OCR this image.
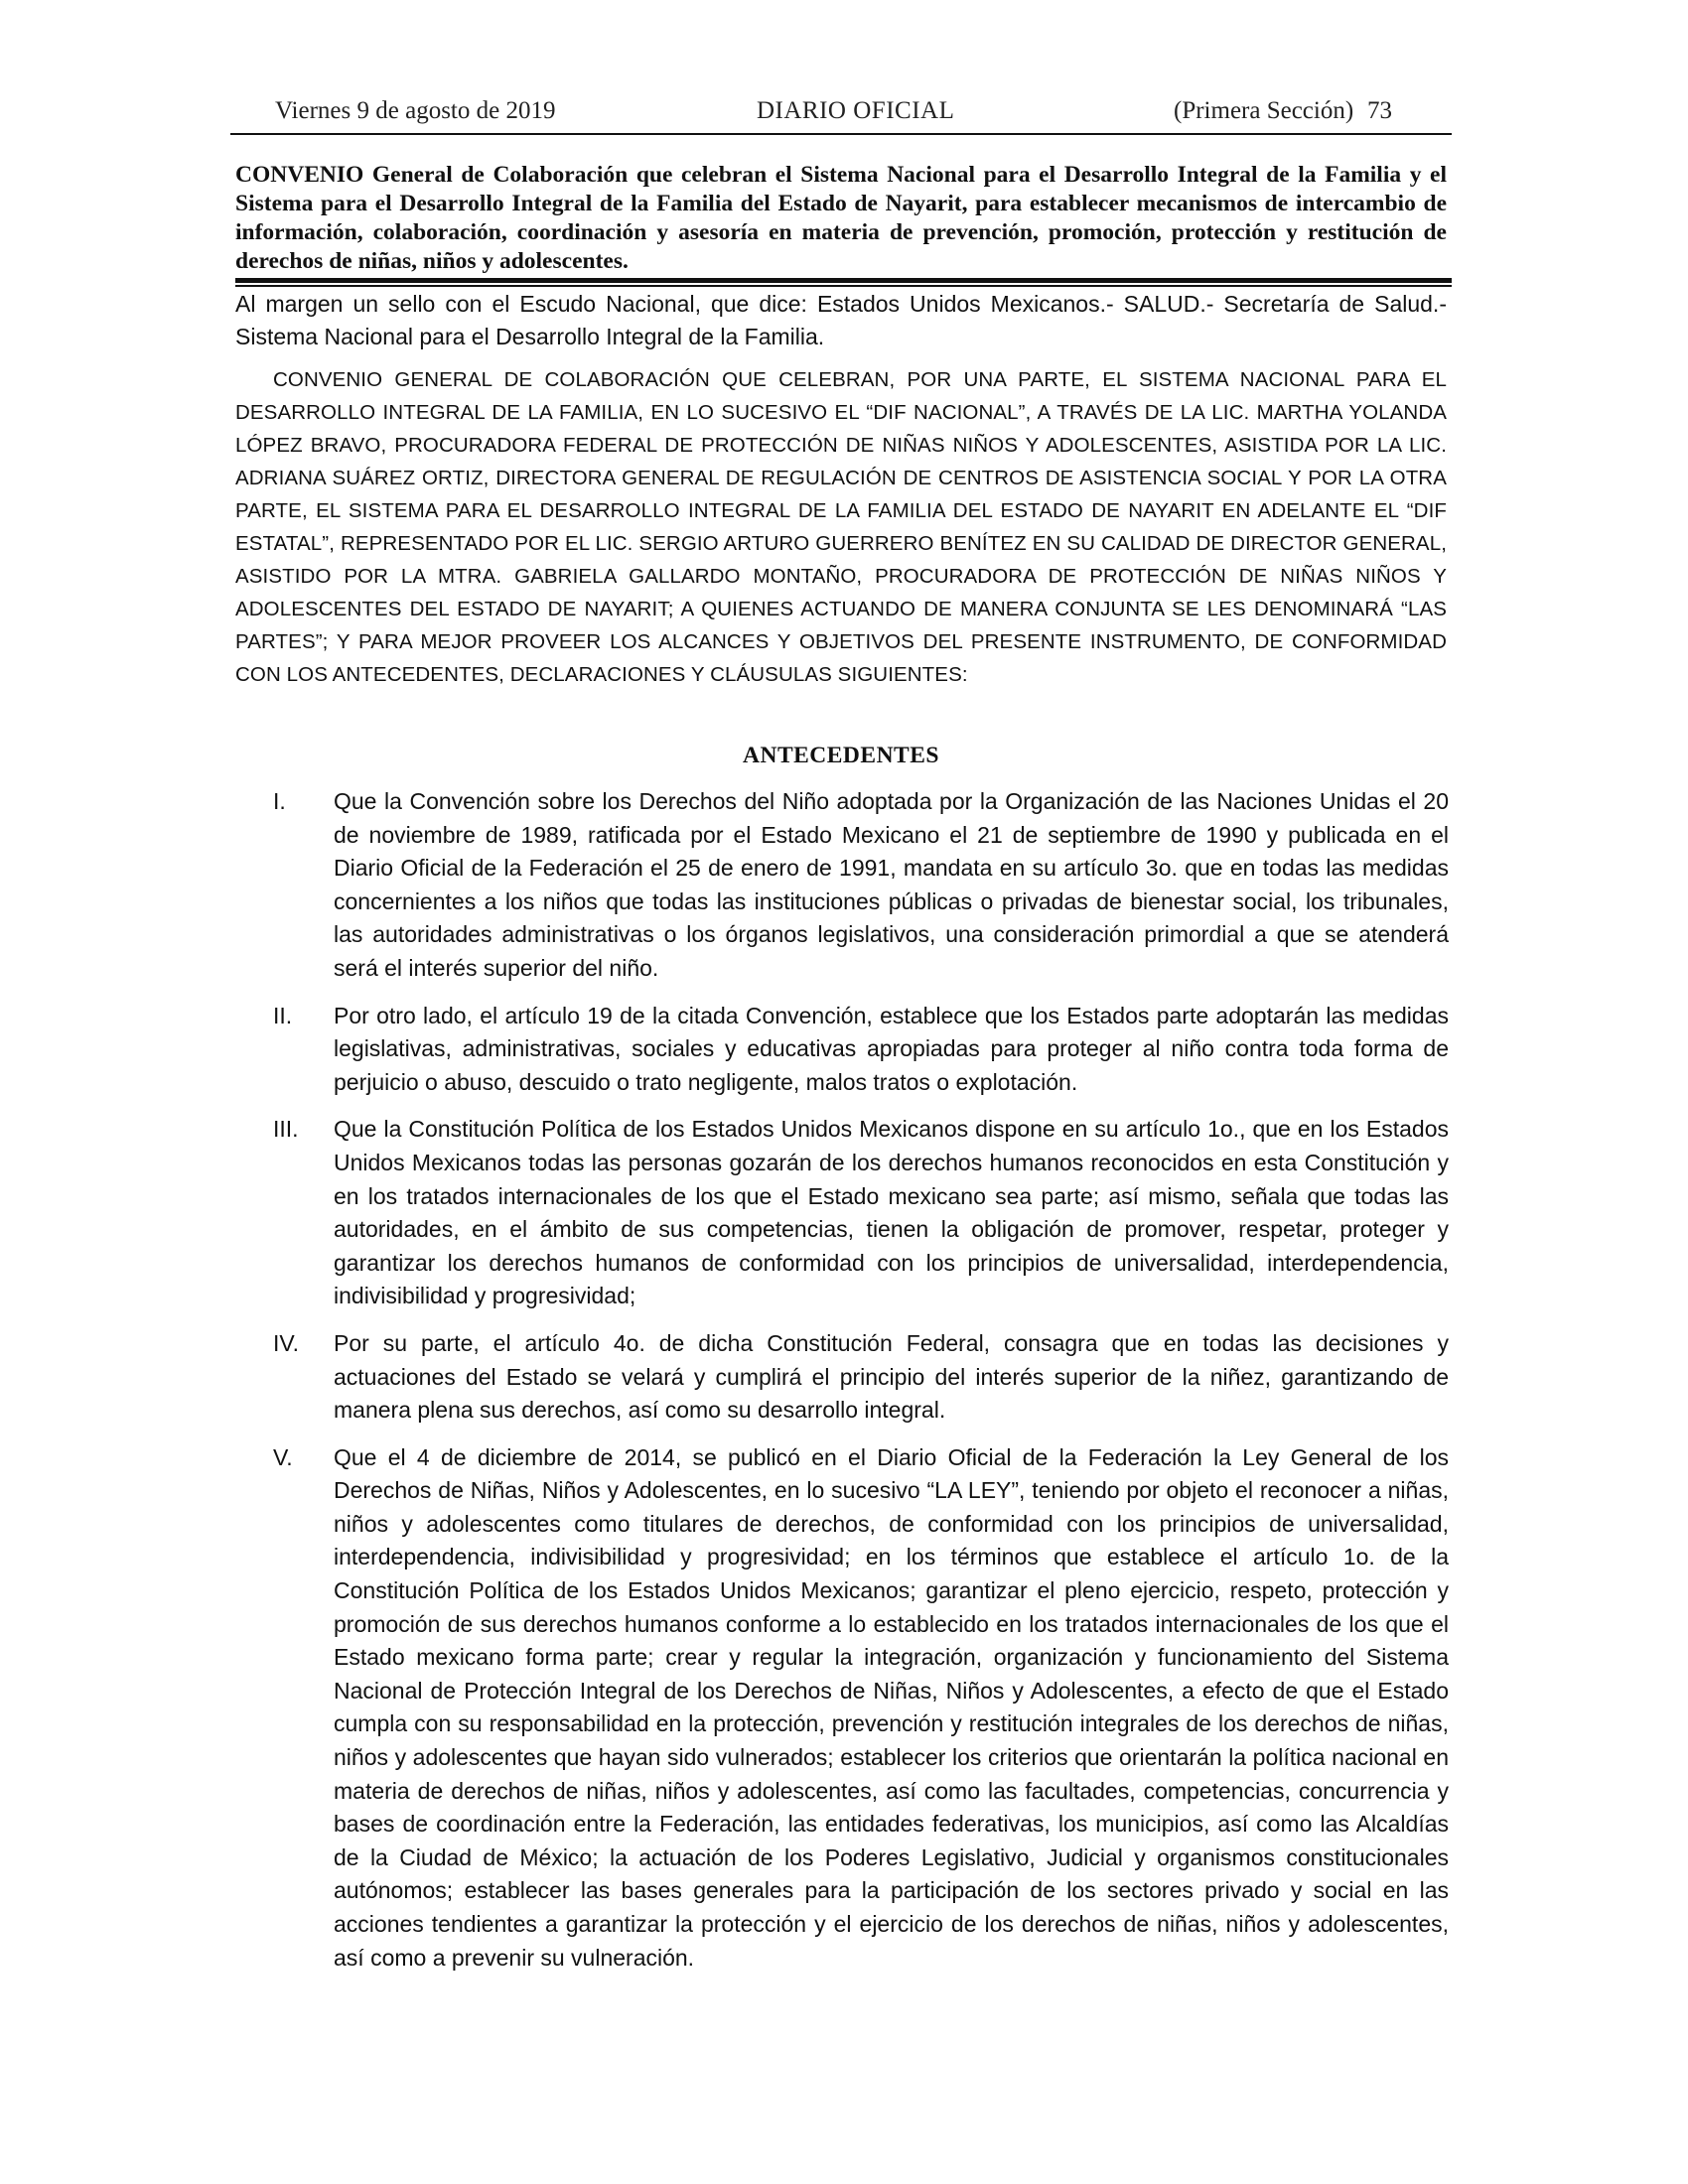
Viernes 9 de agosto de 2019	DIARIO OFICIAL	(Primera Sección) 73

CONVENIO General de Colaboración que celebran el Sistema Nacional para el Desarrollo Integral de la Familia y el Sistema para el Desarrollo Integral de la Familia del Estado de Nayarit, para establecer mecanismos de intercambio de información, colaboración, coordinación y asesoría en materia de prevención, promoción, protección y restitución de derechos de niñas, niños y adolescentes.

Al margen un sello con el Escudo Nacional, que dice: Estados Unidos Mexicanos.- SALUD.- Secretaría de Salud.- Sistema Nacional para el Desarrollo Integral de la Familia.

CONVENIO GENERAL DE COLABORACIÓN QUE CELEBRAN, POR UNA PARTE, EL SISTEMA NACIONAL PARA EL DESARROLLO INTEGRAL DE LA FAMILIA, EN LO SUCESIVO EL “DIF NACIONAL”, A TRAVÉS DE LA LIC. MARTHA YOLANDA LÓPEZ BRAVO, PROCURADORA FEDERAL DE PROTECCIÓN DE NIÑAS NIÑOS Y ADOLESCENTES, ASISTIDA POR LA LIC. ADRIANA SUÁREZ ORTIZ, DIRECTORA GENERAL DE REGULACIÓN DE CENTROS DE ASISTENCIA SOCIAL Y POR LA OTRA PARTE, EL SISTEMA PARA EL DESARROLLO INTEGRAL DE LA FAMILIA DEL ESTADO DE NAYARIT EN ADELANTE EL “DIF ESTATAL”, REPRESENTADO POR EL LIC. SERGIO ARTURO GUERRERO BENÍTEZ EN SU CALIDAD DE DIRECTOR GENERAL, ASISTIDO POR LA MTRA. GABRIELA GALLARDO MONTAÑO, PROCURADORA DE PROTECCIÓN DE NIÑAS NIÑOS Y ADOLESCENTES DEL ESTADO DE NAYARIT; A QUIENES ACTUANDO DE MANERA CONJUNTA SE LES DENOMINARÁ “LAS PARTES”; Y PARA MEJOR PROVEER LOS ALCANCES Y OBJETIVOS DEL PRESENTE INSTRUMENTO, DE CONFORMIDAD CON LOS ANTECEDENTES, DECLARACIONES Y CLÁUSULAS SIGUIENTES:

ANTECEDENTES
I. Que la Convención sobre los Derechos del Niño adoptada por la Organización de las Naciones Unidas el 20 de noviembre de 1989, ratificada por el Estado Mexicano el 21 de septiembre de 1990 y publicada en el Diario Oficial de la Federación el 25 de enero de 1991, mandata en su artículo 3o. que en todas las medidas concernientes a los niños que todas las instituciones públicas o privadas de bienestar social, los tribunales, las autoridades administrativas o los órganos legislativos, una consideración primordial a que se atenderá será el interés superior del niño.
II. Por otro lado, el artículo 19 de la citada Convención, establece que los Estados parte adoptarán las medidas legislativas, administrativas, sociales y educativas apropiadas para proteger al niño contra toda forma de perjuicio o abuso, descuido o trato negligente, malos tratos o explotación.
III. Que la Constitución Política de los Estados Unidos Mexicanos dispone en su artículo 1o., que en los Estados Unidos Mexicanos todas las personas gozarán de los derechos humanos reconocidos en esta Constitución y en los tratados internacionales de los que el Estado mexicano sea parte; así mismo, señala que todas las autoridades, en el ámbito de sus competencias, tienen la obligación de promover, respetar, proteger y garantizar los derechos humanos de conformidad con los principios de universalidad, interdependencia, indivisibilidad y progresividad;
IV. Por su parte, el artículo 4o. de dicha Constitución Federal, consagra que en todas las decisiones y actuaciones del Estado se velará y cumplirá el principio del interés superior de la niñez, garantizando de manera plena sus derechos, así como su desarrollo integral.
V. Que el 4 de diciembre de 2014, se publicó en el Diario Oficial de la Federación la Ley General de los Derechos de Niñas, Niños y Adolescentes, en lo sucesivo “LA LEY”, teniendo por objeto el reconocer a niñas, niños y adolescentes como titulares de derechos, de conformidad con los principios de universalidad, interdependencia, indivisibilidad y progresividad; en los términos que establece el artículo 1o. de la Constitución Política de los Estados Unidos Mexicanos; garantizar el pleno ejercicio, respeto, protección y promoción de sus derechos humanos conforme a lo establecido en los tratados internacionales de los que el Estado mexicano forma parte; crear y regular la integración, organización y funcionamiento del Sistema Nacional de Protección Integral de los Derechos de Niñas, Niños y Adolescentes, a efecto de que el Estado cumpla con su responsabilidad en la protección, prevención y restitución integrales de los derechos de niñas, niños y adolescentes que hayan sido vulnerados; establecer los criterios que orientarán la política nacional en materia de derechos de niñas, niños y adolescentes, así como las facultades, competencias, concurrencia y bases de coordinación entre la Federación, las entidades federativas, los municipios, así como las Alcaldías de la Ciudad de México; la actuación de los Poderes Legislativo, Judicial y organismos constitucionales autónomos; establecer las bases generales para la participación de los sectores privado y social en las acciones tendientes a garantizar la protección y el ejercicio de los derechos de niñas, niños y adolescentes, así como a prevenir su vulneración.
